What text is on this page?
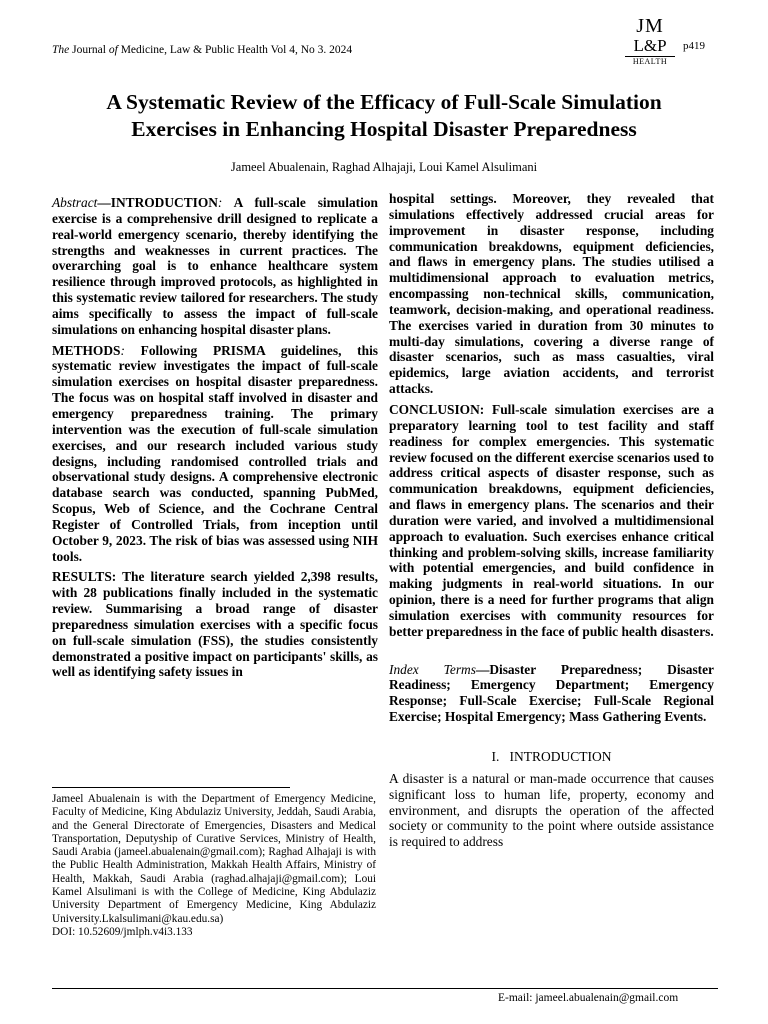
The Journal of Medicine, Law & Public Health Vol 4, No 3. 2024
JM
L&P
HEALTH
p419
A Systematic Review of the Efficacy of Full-Scale Simulation
Exercises in Enhancing Hospital Disaster Preparedness
Jameel Abualenain, Raghad Alhajaji, Loui Kamel Alsulimani

Abstract—INTRODUCTION: A full-scale simulation exercise is a comprehensive drill designed to replicate a real-world emergency scenario, thereby identifying the strengths and weaknesses in current practices. The overarching goal is to enhance healthcare system resilience through improved protocols, as highlighted in this systematic review tailored for researchers. The study aims specifically to assess the impact of full-scale simulations on enhancing hospital disaster plans.

METHODS: Following PRISMA guidelines, this systematic review investigates the impact of full-scale simulation exercises on hospital disaster preparedness. The focus was on hospital staff involved in disaster and emergency preparedness training. The primary intervention was the execution of full-scale simulation exercises, and our research included various study designs, including randomised controlled trials and observational study designs. A comprehensive electronic database search was conducted, spanning PubMed, Scopus, Web of Science, and the Cochrane Central Register of Controlled Trials, from inception until October 9, 2023. The risk of bias was assessed using NIH tools.

RESULTS: The literature search yielded 2,398 results, with 28 publications finally included in the systematic review. Summarising a broad range of disaster preparedness simulation exercises with a specific focus on full-scale simulation (FSS), the studies consistently demonstrated a positive impact on participants' skills, as well as identifying safety issues in

Jameel Abualenain is with the Department of Emergency Medicine, Faculty of Medicine, King Abdulaziz University, Jeddah, Saudi Arabia, and the General Directorate of Emergencies, Disasters and Medical Transportation, Deputyship of Curative Services, Ministry of Health, Saudi Arabia (jameel.abualenain@gmail.com); Raghad Alhajaji is with the Public Health Administration, Makkah Health Affairs, Ministry of Health, Makkah, Saudi Arabia (raghad.alhajaji@gmail.com); Loui Kamel Alsulimani is with the College of Medicine, King Abdulaziz University Department of Emergency Medicine, King Abdulaziz University.Lkalsulimani@kau.edu.sa)

DOI: 10.52609/jmlph.v4i3.133

hospital settings. Moreover, they revealed that simulations effectively addressed crucial areas for improvement in disaster response, including communication breakdowns, equipment deficiencies, and flaws in emergency plans. The studies utilised a multidimensional approach to evaluation metrics, encompassing non-technical skills, communication, teamwork, decision-making, and operational readiness. The exercises varied in duration from 30 minutes to multi-day simulations, covering a diverse range of disaster scenarios, such as mass casualties, viral epidemics, large aviation accidents, and terrorist attacks.

CONCLUSION: Full-scale simulation exercises are a preparatory learning tool to test facility and staff readiness for complex emergencies. This systematic review focused on the different exercise scenarios used to address critical aspects of disaster response, such as communication breakdowns, equipment deficiencies, and flaws in emergency plans. The scenarios and their duration were varied, and involved a multidimensional approach to evaluation. Such exercises enhance critical thinking and problem-solving skills, increase familiarity with potential emergencies, and build confidence in making judgments in real-world situations. In our opinion, there is a need for further programs that align simulation exercises with community resources for better preparedness in the face of public health disasters.

Index Terms—Disaster Preparedness; Disaster Readiness; Emergency Department; Emergency Response; Full-Scale Exercise; Full-Scale Regional Exercise; Hospital Emergency; Mass Gathering Events.

I. INTRODUCTION

A disaster is a natural or man-made occurrence that causes significant loss to human life, property, economy and environment, and disrupts the operation of the affected society or community to the point where outside assistance is required to address

E-mail: jameel.abualenain@gmail.com
